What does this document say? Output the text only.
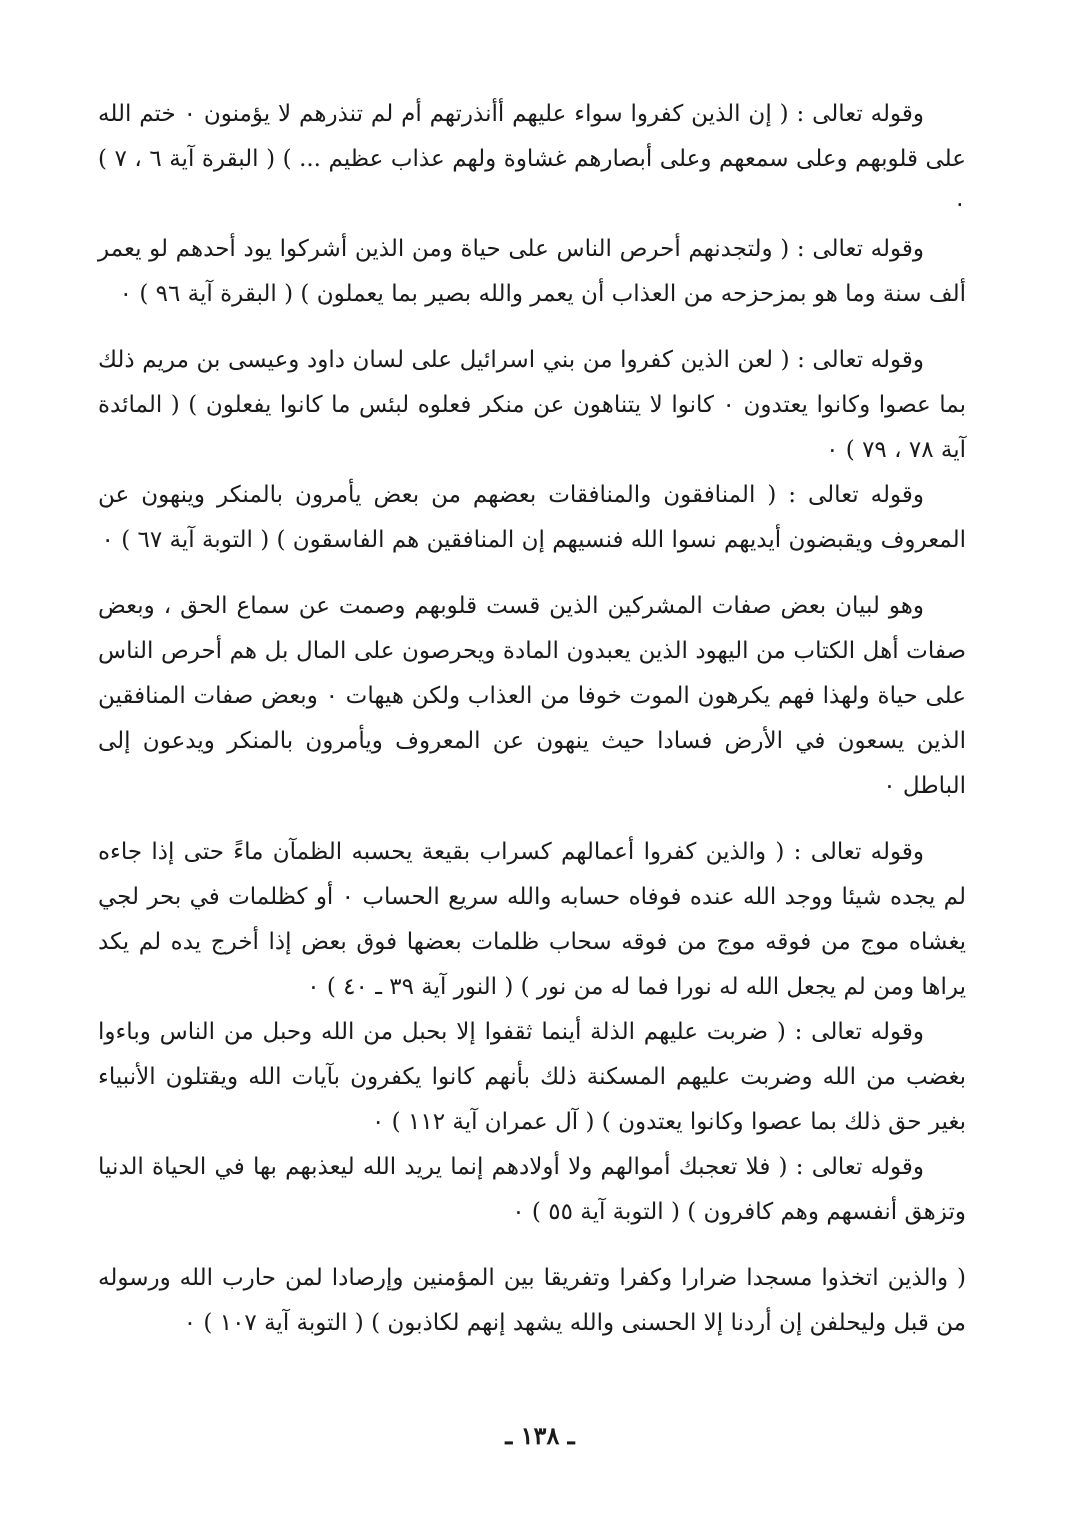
وقوله تعالى : ( إن الذين كفروا سواء عليهم أأنذرتهم أم لم تنذرهم لا يؤمنون ٠ ختم الله على قلوبهم وعلى سمعهم وعلى أبصارهم غشاوة ولهم عذاب عظيم ... ) ( البقرة آية ٦ ، ٧ ) ٠

وقوله تعالى : ( ولتجدنهم أحرص الناس على حياة ومن الذين أشركوا يود أحدهم لو يعمر ألف سنة وما هو بمزحزحه من العذاب أن يعمر والله بصير بما يعملون ) ( البقرة آية ٩٦ ) ٠

وقوله تعالى : ( لعن الذين كفروا من بني اسرائيل على لسان داود وعيسى بن مريم ذلك بما عصوا وكانوا يعتدون ٠ كانوا لا يتناهون عن منكر فعلوه لبئس ما كانوا يفعلون ) ( المائدة آية ٧٨ ، ٧٩ ) ٠

وقوله تعالى : ( المنافقون والمنافقات بعضهم من بعض يأمرون بالمنكر وينهون عن المعروف ويقبضون أيديهم نسوا الله فنسيهم إن المنافقين هم الفاسقون ) ( التوبة آية ٦٧ ) ٠

وهو لبيان بعض صفات المشركين الذين قست قلوبهم وصمت عن سماع الحق ، وبعض صفات أهل الكتاب من اليهود الذين يعبدون المادة ويحرصون على المال بل هم أحرص الناس على حياة ولهذا فهم يكرهون الموت خوفا من العذاب ولكن هيهات ٠ وبعض صفات المنافقين الذين يسعون في الأرض فسادا حيث ينهون عن المعروف ويأمرون بالمنكر ويدعون إلى الباطل ٠

وقوله تعالى : ( والذين كفروا أعمالهم كسراب بقيعة يحسبه الظمآن ماءً حتى إذا جاءه لم يجده شيئا ووجد الله عنده فوفاه حسابه والله سريع الحساب ٠ أو كظلمات في بحر لجي يغشاه موج من فوقه موج من فوقه سحاب ظلمات بعضها فوق بعض إذا أخرج يده لم يكد يراها ومن لم يجعل الله له نورا فما له من نور ) ( النور آية ٣٩ ـ ٤٠ ) ٠

وقوله تعالى : ( ضربت عليهم الذلة أينما ثقفوا إلا بحبل من الله وحبل من الناس وباءوا بغضب من الله وضربت عليهم المسكنة ذلك بأنهم كانوا يكفرون بآيات الله ويقتلون الأنبياء بغير حق ذلك بما عصوا وكانوا يعتدون ) ( آل عمران آية ١١٢ ) ٠

وقوله تعالى : ( فلا تعجبك أموالهم ولا أولادهم إنما يريد الله ليعذبهم بها في الحياة الدنيا وتزهق أنفسهم وهم كافرون ) ( التوبة آية ٥٥ ) ٠

( والذين اتخذوا مسجدا ضرارا وكفرا وتفريقا بين المؤمنين وإرصادا لمن حارب الله ورسوله من قبل وليحلفن إن أردنا إلا الحسنى والله يشهد إنهم لكاذبون ) ( التوبة آية ١٠٧ ) ٠

ـ ١٣٨ ـ
